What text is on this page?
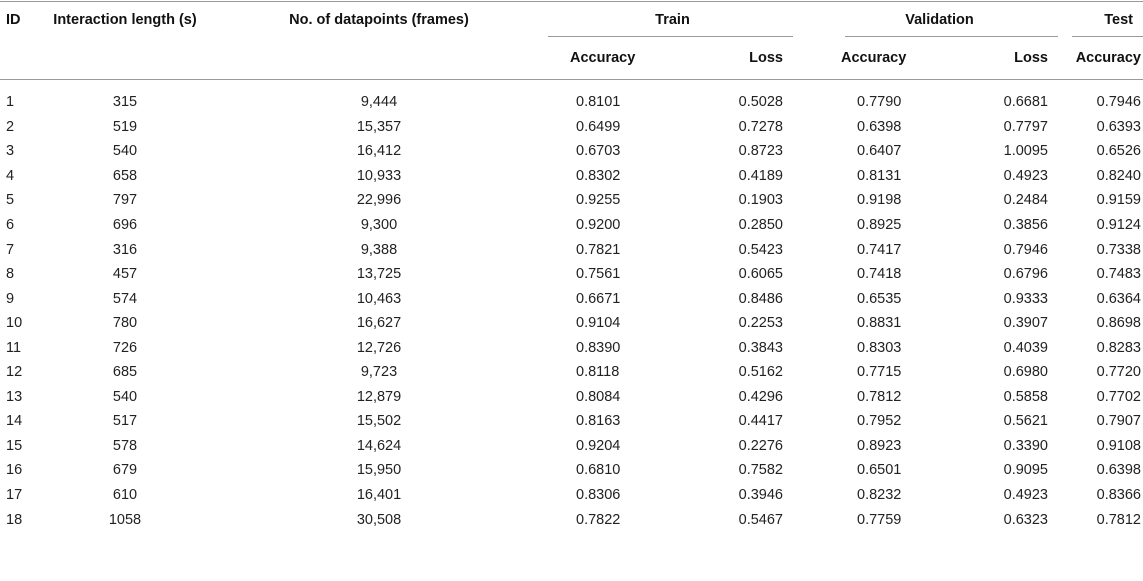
ID	Interaction length (s)	No. of datapoints (frames)	Train		Validation		Test

			Accuracy	Loss	Accuracy	Loss	Accuracy

1	315	9,444	0.8101	0.5028	0.7790	0.6681	0.7946
2	519	15,357	0.6499	0.7278	0.6398	0.7797	0.6393
3	540	16,412	0.6703	0.8723	0.6407	1.0095	0.6526
4	658	10,933	0.8302	0.4189	0.8131	0.4923	0.8240
5	797	22,996	0.9255	0.1903	0.9198	0.2484	0.9159
6	696	9,300	0.9200	0.2850	0.8925	0.3856	0.9124
7	316	9,388	0.7821	0.5423	0.7417	0.7946	0.7338
8	457	13,725	0.7561	0.6065	0.7418	0.6796	0.7483
9	574	10,463	0.6671	0.8486	0.6535	0.9333	0.6364
10	780	16,627	0.9104	0.2253	0.8831	0.3907	0.8698
11	726	12,726	0.8390	0.3843	0.8303	0.4039	0.8283
12	685	9,723	0.8118	0.5162	0.7715	0.6980	0.7720
13	540	12,879	0.8084	0.4296	0.7812	0.5858	0.7702
14	517	15,502	0.8163	0.4417	0.7952	0.5621	0.7907
15	578	14,624	0.9204	0.2276	0.8923	0.3390	0.9108
16	679	15,950	0.6810	0.7582	0.6501	0.9095	0.6398
17	610	16,401	0.8306	0.3946	0.8232	0.4923	0.8366
18	1058	30,508	0.7822	0.5467	0.7759	0.6323	0.7812
